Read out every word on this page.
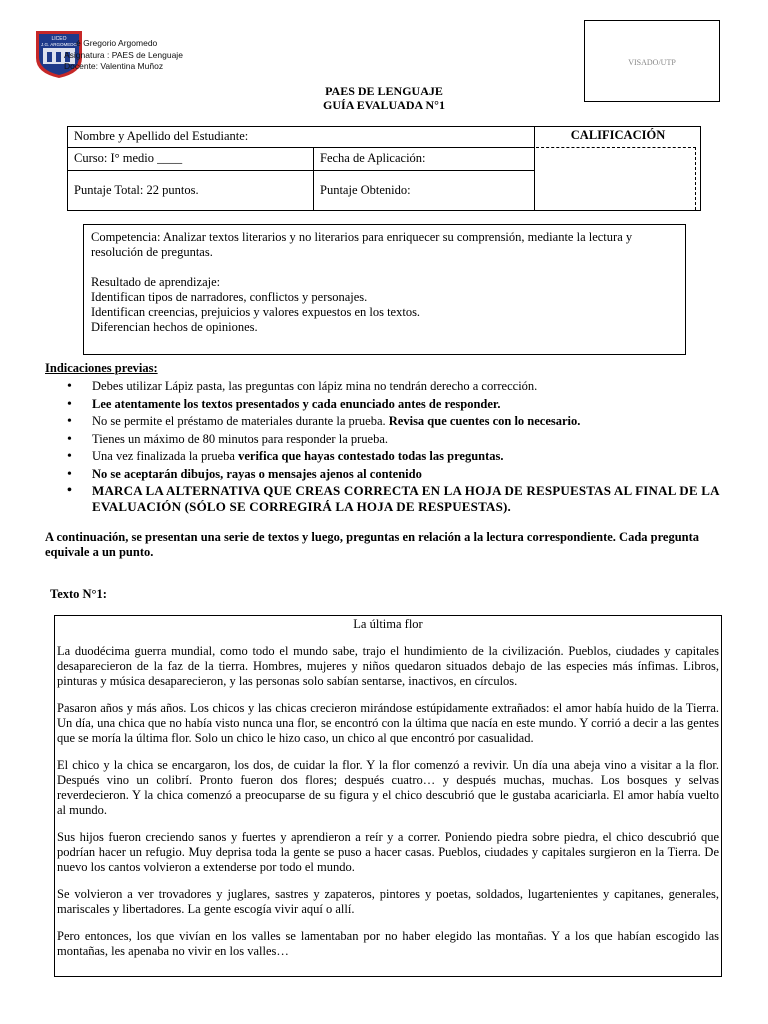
LICEO
J.G. ARGOMEDO
é Gregorio Argomedo
Asignatura : PAES de Lenguaje
Docente: Valentina Muñoz	VISADO/UTP
PAES DE LENGUAJE
GUÍA EVALUADA N°1
Nombre y Apellido del Estudiante:	CALIFICACIÓN
Curso: I° medio ____	Fecha de Aplicación:
Puntaje Total: 22 puntos.	Puntaje Obtenido:

Competencia: Analizar textos literarios y no literarios para enriquecer su comprensión, mediante la lectura y resolución de preguntas.

Resultado de aprendizaje:

Identifican tipos de narradores, conflictos y personajes.

Identifican creencias, prejuicios y valores expuestos en los textos.

Diferencian hechos de opiniones.

Indicaciones previas:
• Debes utilizar Lápiz pasta, las preguntas con lápiz mina no tendrán derecho a corrección.
• Lee atentamente los textos presentados y cada enunciado antes de responder.
• No se permite el préstamo de materiales durante la prueba. Revisa que cuentes con lo necesario.
• Tienes un máximo de 80 minutos para responder la prueba.
• Una vez finalizada la prueba verifica que hayas contestado todas las preguntas.
• No se aceptarán dibujos, rayas o mensajes ajenos al contenido
• MARCA LA ALTERNATIVA QUE CREAS CORRECTA EN LA HOJA DE RESPUESTAS AL FINAL DE LA EVALUACIÓN (SÓLO SE CORREGIRÁ LA HOJA DE RESPUESTAS).
A continuación, se presentan una serie de textos y luego, preguntas en relación a la lectura correspondiente. Cada pregunta equivale a un punto.
Texto N°1:
La última flor

La duodécima guerra mundial, como todo el mundo sabe, trajo el hundimiento de la civilización. Pueblos, ciudades y capitales desaparecieron de la faz de la tierra. Hombres, mujeres y niños quedaron situados debajo de las especies más ínfimas. Libros, pinturas y música desaparecieron, y las personas solo sabían sentarse, inactivos, en círculos.

Pasaron años y más años. Los chicos y las chicas crecieron mirándose estúpidamente extrañados: el amor había huido de la Tierra. Un día, una chica que no había visto nunca una flor, se encontró con la última que nacía en este mundo. Y corrió a decir a las gentes que se moría la última flor. Solo un chico le hizo caso, un chico al que encontró por casualidad.

El chico y la chica se encargaron, los dos, de cuidar la flor. Y la flor comenzó a revivir. Un día una abeja vino a visitar a la flor. Después vino un colibrí. Pronto fueron dos flores; después cuatro… y después muchas, muchas. Los bosques y selvas reverdecieron. Y la chica comenzó a preocuparse de su figura y el chico descubrió que le gustaba acariciarla. El amor había vuelto al mundo.

Sus hijos fueron creciendo sanos y fuertes y aprendieron a reír y a correr. Poniendo piedra sobre piedra, el chico descubrió que podrían hacer un refugio. Muy deprisa toda la gente se puso a hacer casas. Pueblos, ciudades y capitales surgieron en la Tierra. De nuevo los cantos volvieron a extenderse por todo el mundo.

Se volvieron a ver trovadores y juglares, sastres y zapateros, pintores y poetas, soldados, lugartenientes y capitanes, generales, mariscales y libertadores. La gente escogía vivir aquí o allí.

Pero entonces, los que vivían en los valles se lamentaban por no haber elegido las montañas. Y a los que habían escogido las montañas, les apenaba no vivir en los valles…
